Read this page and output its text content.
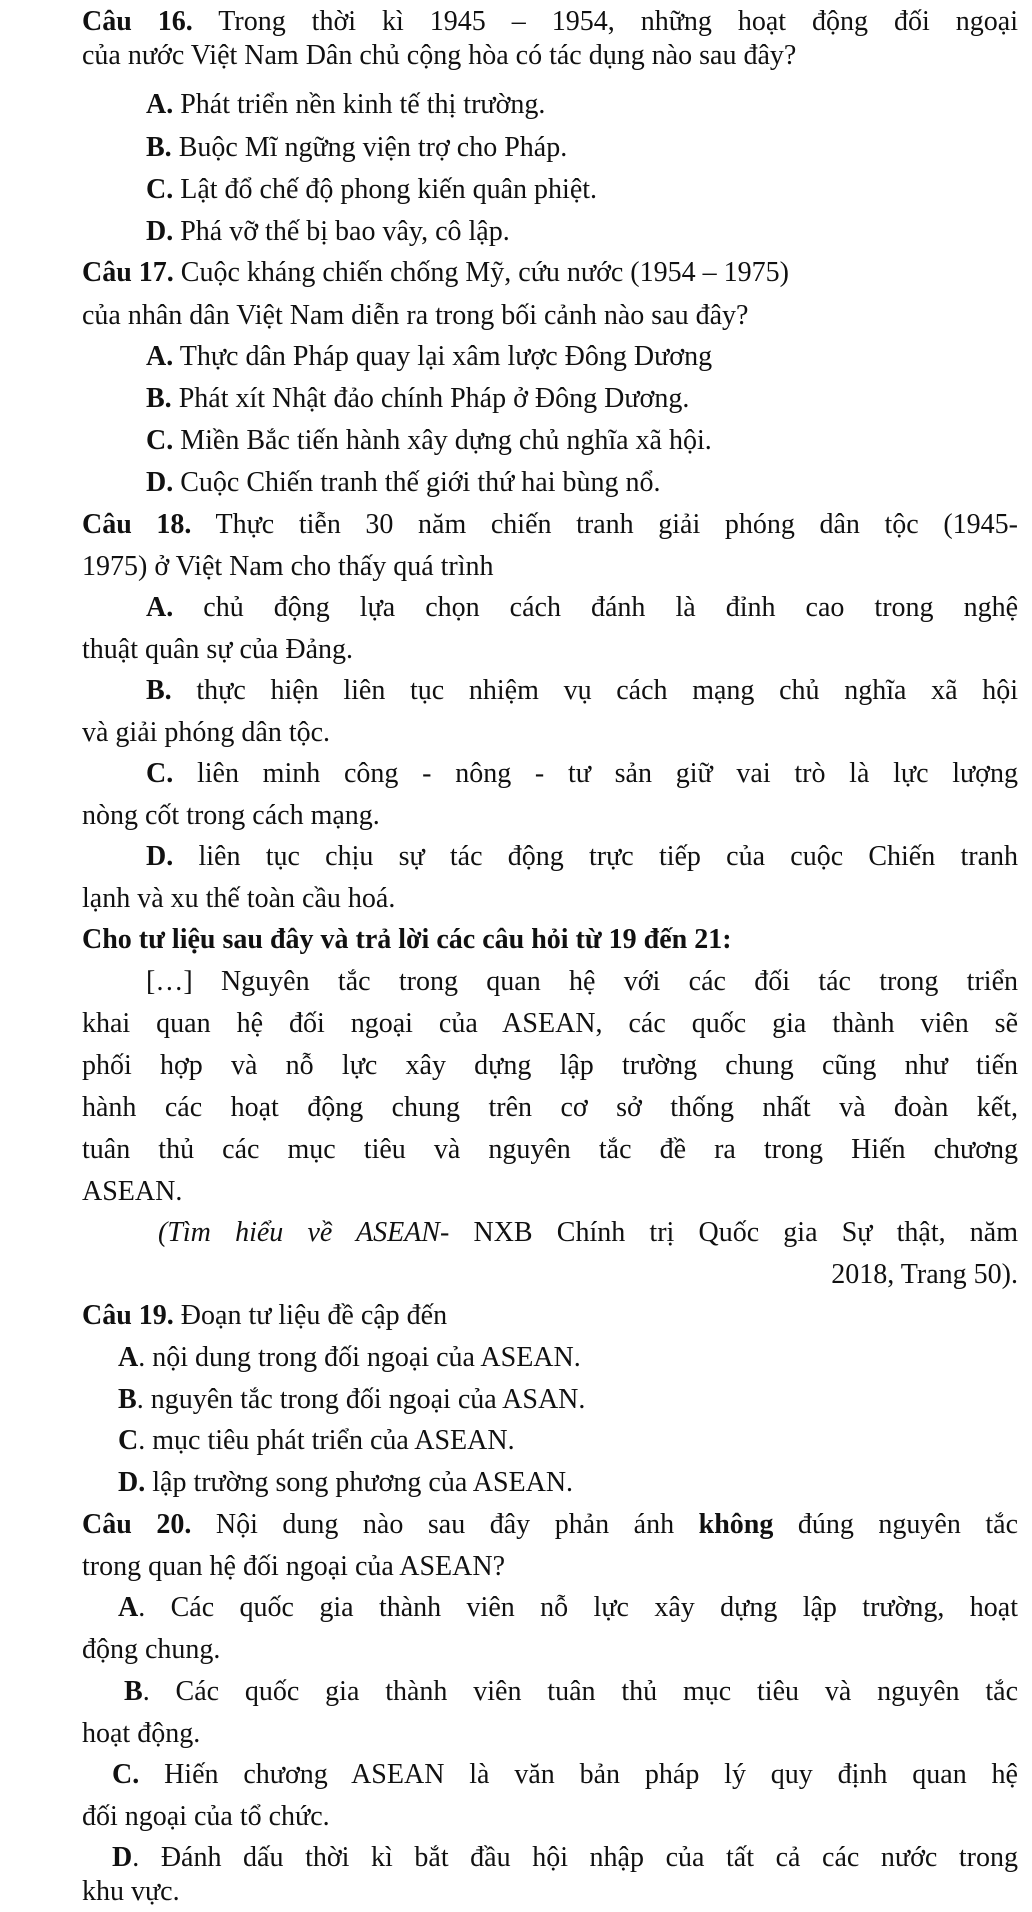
Câu 16. Trong thời kì 1945 – 1954, những hoạt động đối ngoại
của nước Việt Nam Dân chủ cộng hòa có tác dụng nào sau đây?
A. Phát triển nền kinh tế thị trường.
B. Buộc Mĩ ngững viện trợ cho Pháp.
C. Lật đổ chế độ phong kiến quân phiệt.
D. Phá vỡ thế bị bao vây, cô lập.
Câu 17. Cuộc kháng chiến chống Mỹ, cứu nước (1954 – 1975)
của nhân dân Việt Nam diễn ra trong bối cảnh nào sau đây?
A. Thực dân Pháp quay lại xâm lược Đông Dương
B. Phát xít Nhật đảo chính Pháp ở Đông Dương.
C. Miền Bắc tiến hành xây dựng chủ nghĩa xã hội.
D. Cuộc Chiến tranh thế giới thứ hai bùng nổ.
Câu 18. Thực tiễn 30 năm chiến tranh giải phóng dân tộc (1945-
1975) ở Việt Nam cho thấy quá trình
A. chủ động lựa chọn cách đánh là đỉnh cao trong nghệ
thuật quân sự của Đảng.
B. thực hiện liên tục nhiệm vụ cách mạng chủ nghĩa xã hội
và giải phóng dân tộc.
C. liên minh công - nông - tư sản giữ vai trò là lực lượng
nòng cốt trong cách mạng.
D. liên tục chịu sự tác động trực tiếp của cuộc Chiến tranh
lạnh và xu thế toàn cầu hoá.
Cho tư liệu sau đây và trả lời các câu hỏi từ 19 đến 21:
[…] Nguyên tắc trong quan hệ với các đối tác trong triển
khai quan hệ đối ngoại của ASEAN, các quốc gia thành viên sẽ
phối hợp và nỗ lực xây dựng lập trường chung cũng như tiến
hành các hoạt động chung trên cơ sở thống nhất và đoàn kết,
tuân thủ các mục tiêu và nguyên tắc đề ra trong Hiến chương
ASEAN.
(Tìm hiểu về ASEAN- NXB Chính trị Quốc gia Sự thật, năm
2018, Trang 50).
Câu 19. Đoạn tư liệu đề cập đến
A. nội dung trong đối ngoại của ASEAN.
B. nguyên tắc trong đối ngoại của ASAN.
C. mục tiêu phát triển của ASEAN.
D. lập trường song phương của ASEAN.
Câu 20. Nội dung nào sau đây phản ánh không đúng nguyên tắc
trong quan hệ đối ngoại của ASEAN?
A. Các quốc gia thành viên nỗ lực xây dựng lập trường, hoạt
động chung.
B. Các quốc gia thành viên tuân thủ mục tiêu và nguyên tắc
hoạt động.
C. Hiến chương ASEAN là văn bản pháp lý quy định quan hệ
đối ngoại của tổ chức.
D. Đánh dấu thời kì bắt đầu hội nhập của tất cả các nước trong
khu vực.
